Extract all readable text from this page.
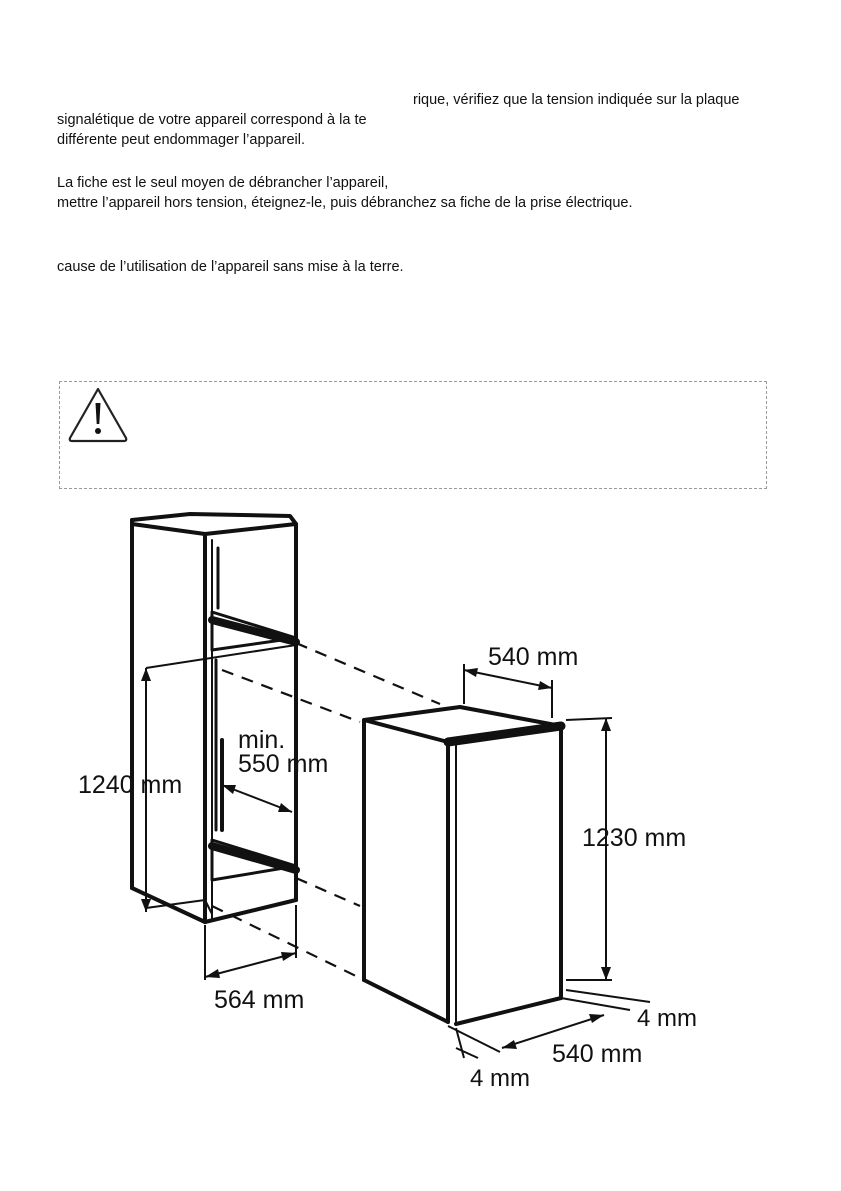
rique, vérifiez que la tension indiquée sur la plaque
signalétique de votre appareil correspond à la te
différente peut endommager l’appareil.
La fiche est le seul moyen de débrancher l’appareil,
mettre l’appareil hors tension, éteignez-le, puis débranchez sa fiche de la prise électrique.
cause de l’utilisation de l’appareil sans mise à la terre.
1240 mm
564 mm
min.
550 mm
540 mm
1230 mm
4 mm
540 mm
4 mm
